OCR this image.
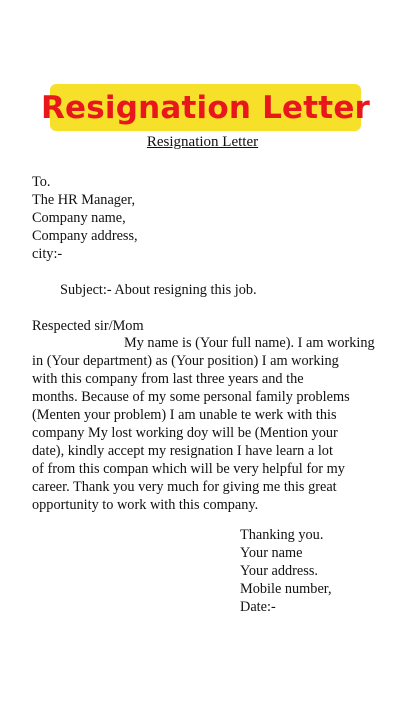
Resignation Letter
Resignation Letter
To.
The HR Manager,
Company name,
Company address,
city:-
Subject:- About resigning this job.
Respected sir/Mom
My name is (Your full name). I am working
in (Your department) as (Your position) I am working
with this company from last three years and the
months. Because of my some personal family problems
(Menten your problem) I am unable te werk with this
company My lost working doy will be (Mention your
date), kindly accept my resignation I have learn a lot
of from this compan which will be very helpful for my
career. Thank you very much for giving me this great
opportunity to work with this company.
Thanking you.
Your name
Your address.
Mobile number,
Date:-
